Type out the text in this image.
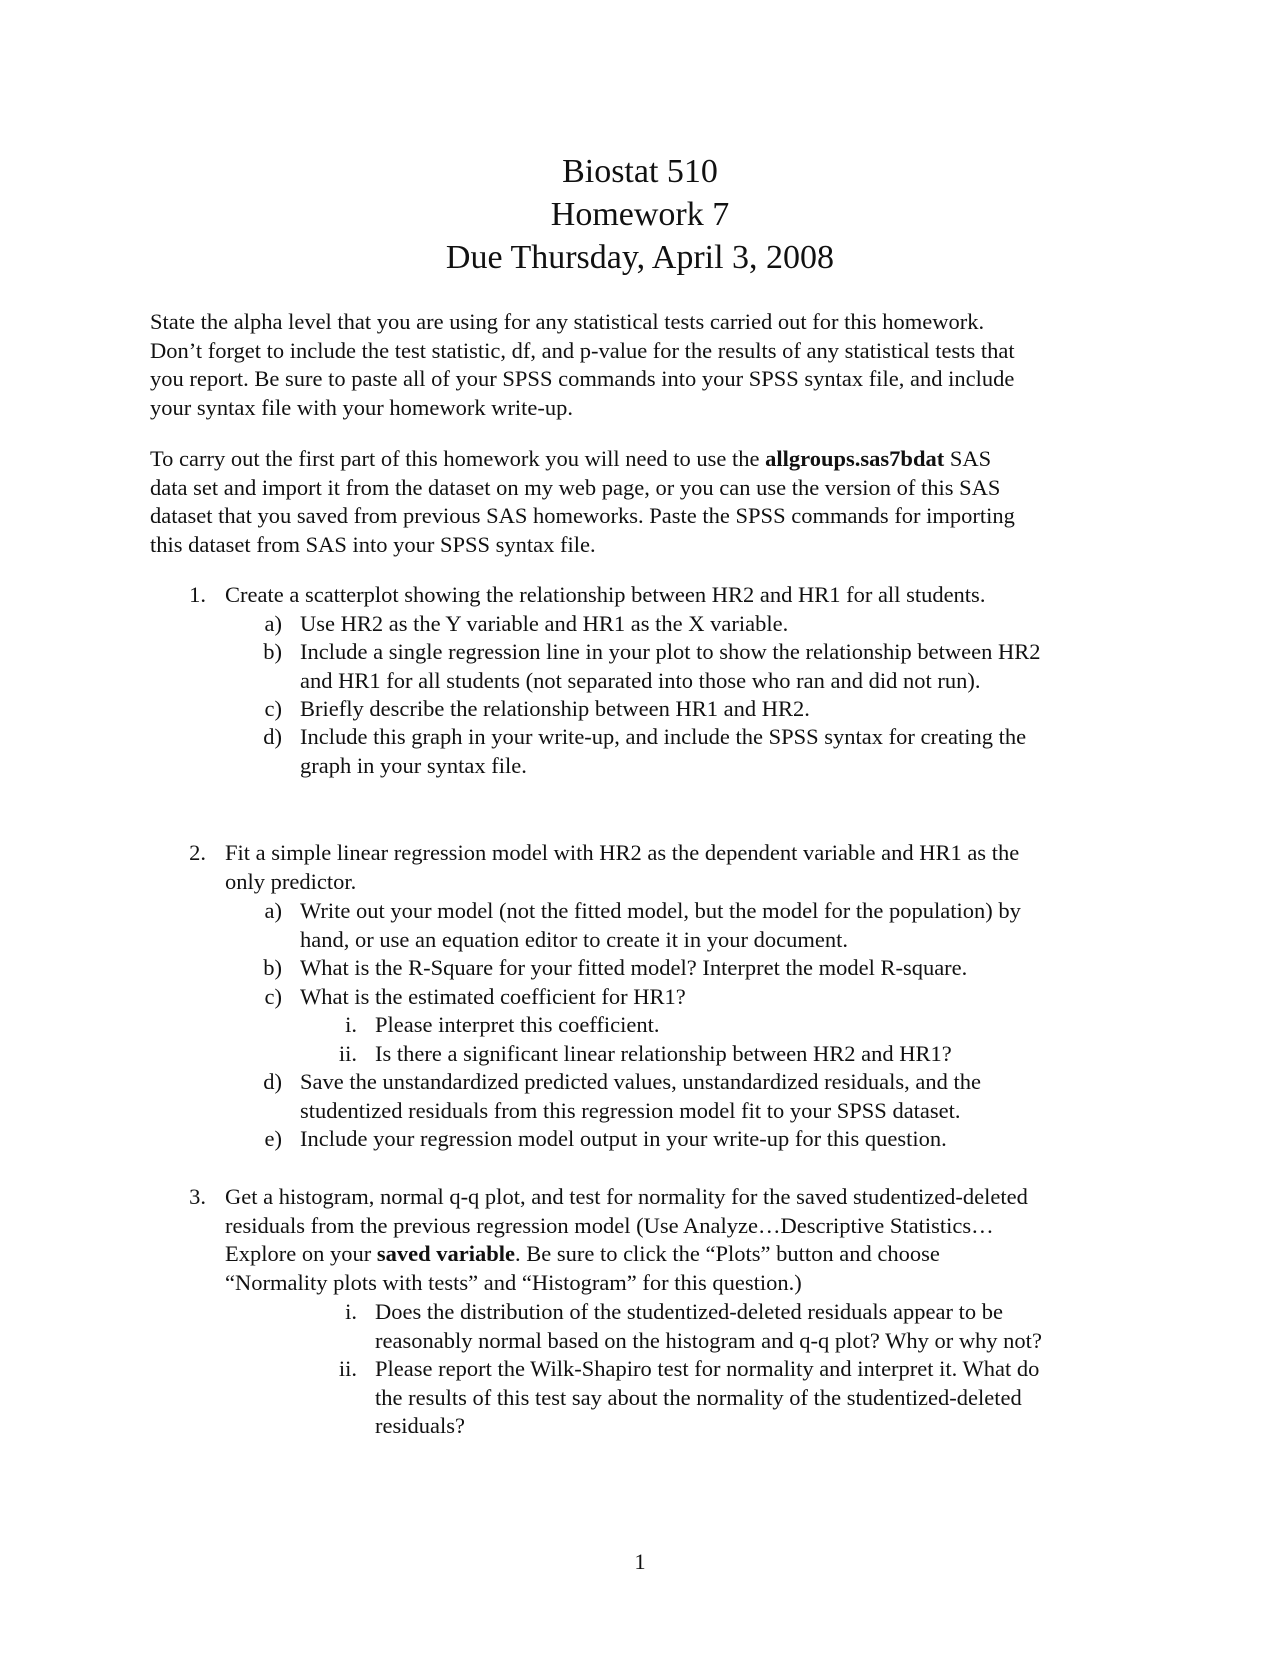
Biostat 510
Homework 7
Due Thursday, April 3, 2008
State the alpha level that you are using for any statistical tests carried out for this homework.
Don’t forget to include the test statistic, df, and p-value for the results of any statistical tests that
you report. Be sure to paste all of your SPSS commands into your SPSS syntax file, and include
your syntax file with your homework write-up.
To carry out the first part of this homework you will need to use the allgroups.sas7bdat SAS
data set and import it from the dataset on my web page, or you can use the version of this SAS
dataset that you saved from previous SAS homeworks. Paste the SPSS commands for importing
this dataset from SAS into your SPSS syntax file.
1. Create a scatterplot showing the relationship between HR2 and HR1 for all students.
a) Use HR2 as the Y variable and HR1 as the X variable.
b) Include a single regression line in your plot to show the relationship between HR2
and HR1 for all students (not separated into those who ran and did not run).
c) Briefly describe the relationship between HR1 and HR2.
d) Include this graph in your write-up, and include the SPSS syntax for creating the
graph in your syntax file.
2. Fit a simple linear regression model with HR2 as the dependent variable and HR1 as the
only predictor.
a) Write out your model (not the fitted model, but the model for the population) by
hand, or use an equation editor to create it in your document.
b) What is the R-Square for your fitted model? Interpret the model R-square.
c) What is the estimated coefficient for HR1?
i. Please interpret this coefficient.
ii. Is there a significant linear relationship between HR2 and HR1?
d) Save the unstandardized predicted values, unstandardized residuals, and the
studentized residuals from this regression model fit to your SPSS dataset.
e) Include your regression model output in your write-up for this question.
3. Get a histogram, normal q-q plot, and test for normality for the saved studentized-deleted
residuals from the previous regression model (Use Analyze…Descriptive Statistics…
Explore on your saved variable. Be sure to click the “Plots” button and choose
“Normality plots with tests” and “Histogram” for this question.)
i. Does the distribution of the studentized-deleted residuals appear to be
reasonably normal based on the histogram and q-q plot? Why or why not?
ii. Please report the Wilk-Shapiro test for normality and interpret it. What do
the results of this test say about the normality of the studentized-deleted
residuals?
1
